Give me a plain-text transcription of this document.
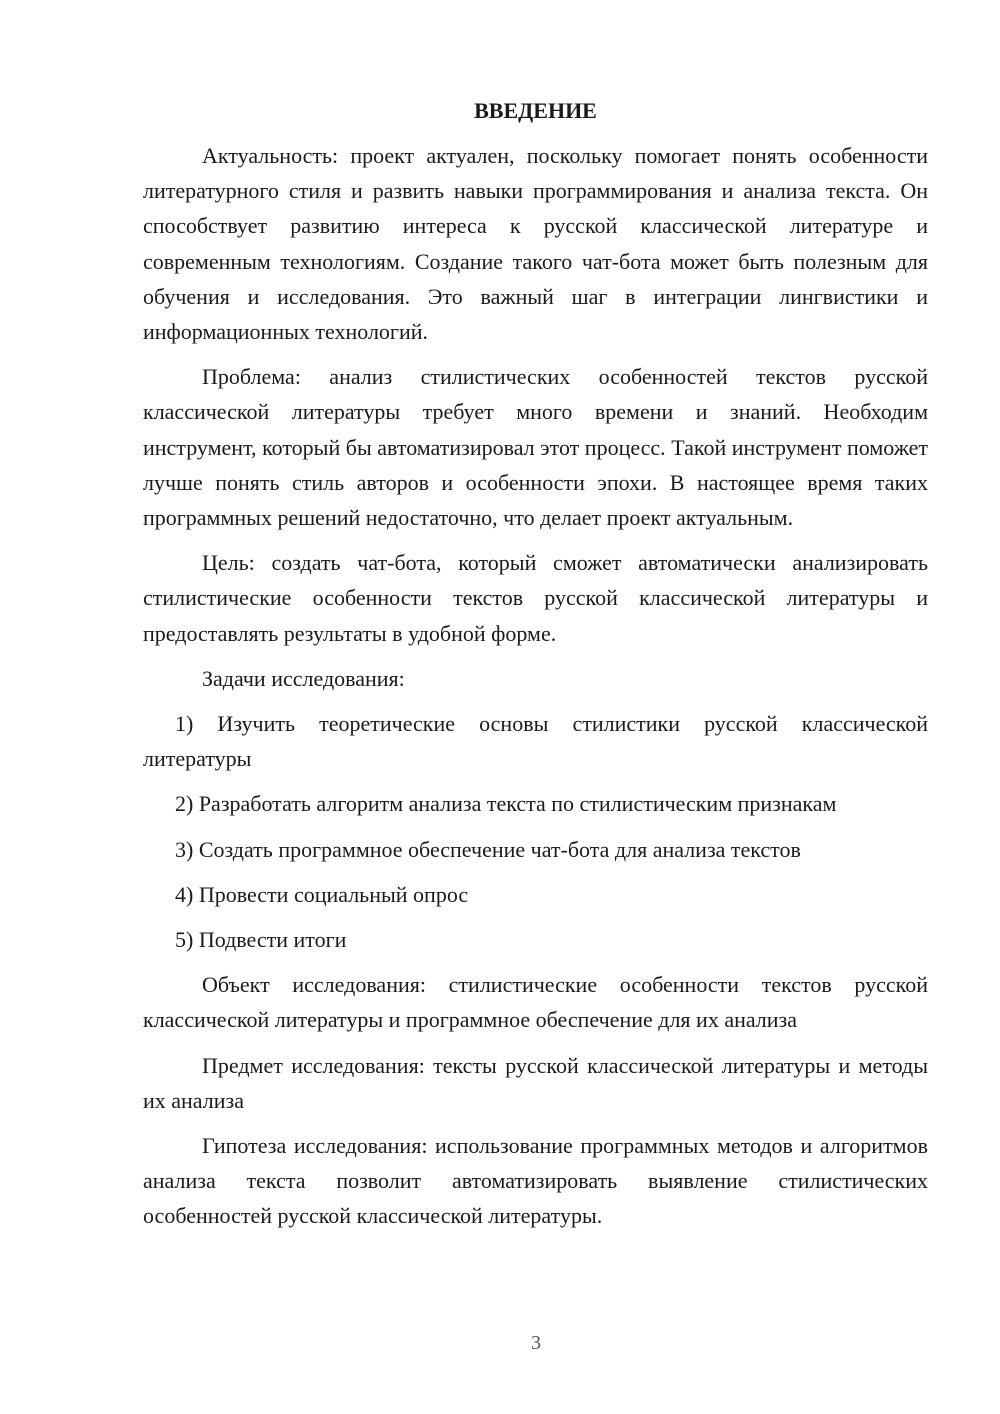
ВВЕДЕНИЕ

Актуальность: проект актуален, поскольку помогает понять особенности литературного стиля и развить навыки программирования и анализа текста. Он способствует развитию интереса к русской классической литературе и современным технологиям. Создание такого чат-бота может быть полезным для обучения и исследования. Это важный шаг в интеграции лингвистики и информационных технологий.

Проблема: анализ стилистических особенностей текстов русской классической литературы требует много времени и знаний. Необходим инструмент, который бы автоматизировал этот процесс. Такой инструмент поможет лучше понять стиль авторов и особенности эпохи. В настоящее время таких программных решений недостаточно, что делает проект актуальным.

Цель: создать чат-бота, который сможет автоматически анализировать стилистические особенности текстов русской классической литературы и предоставлять результаты в удобной форме.

Задачи исследования:

1) Изучить теоретические основы стилистики русской классической литературы

2) Разработать алгоритм анализа текста по стилистическим признакам

3) Создать программное обеспечение чат-бота для анализа текстов

4) Провести социальный опрос

5) Подвести итоги

Объект исследования: стилистические особенности текстов русской классической литературы и программное обеспечение для их анализа

Предмет исследования: тексты русской классической литературы и методы их анализа

Гипотеза исследования: использование программных методов и алгоритмов анализа текста позволит автоматизировать выявление стилистических особенностей русской классической литературы.

3
